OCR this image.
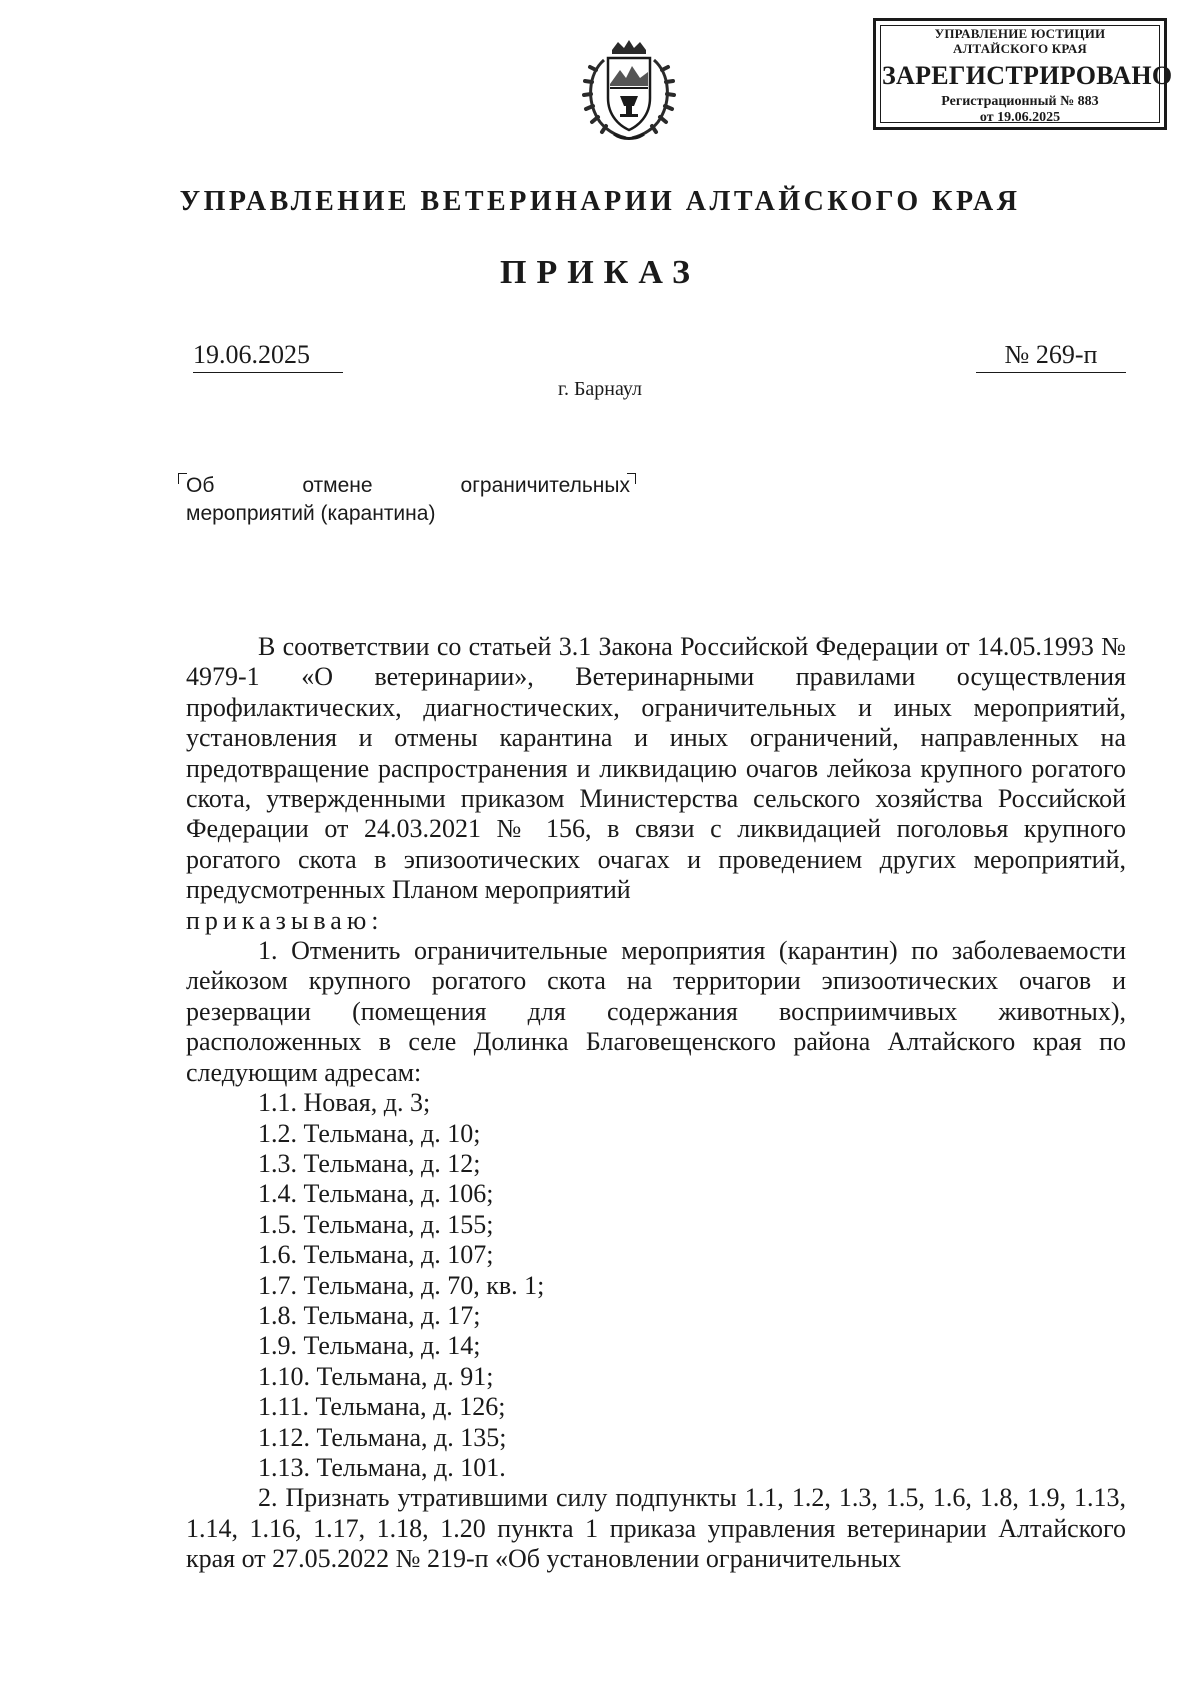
УПРАВЛЕНИЕ ЮСТИЦИИ
АЛТАЙСКОГО КРАЯ
ЗАРЕГИСТРИРОВАНО
Регистрационный № 883
от 19.06.2025
УПРАВЛЕНИЕ ВЕТЕРИНАРИИ АЛТАЙСКОГО КРАЯ
ПРИКАЗ
19.06.2025	№ 269-п
г. Барнаул
Об	отмене	ограничительных
мероприятий (карантина)

В соответствии со статьей 3.1 Закона Российской Федерации от 14.05.1993 № 4979-1 «О ветеринарии», Ветеринарными правилами осуществления профилактических, диагностических, ограничительных и иных мероприятий, установления и отмены карантина и иных ограничений, направленных на предотвращение распространения и ликвидацию очагов лейкоза крупного рогатого скота, утвержденными приказом Министерства сельского хозяйства Российской Федерации от 24.03.2021 № 156, в связи с ликвидацией поголовья крупного рогатого скота в эпизоотических очагах и проведением других мероприятий, предусмотренных Планом мероприятий

приказываю:

1. Отменить ограничительные мероприятия (карантин) по заболеваемости лейкозом крупного рогатого скота на территории эпизоотических очагов и резервации (помещения для содержания восприимчивых животных), расположенных в селе Долинка Благовещенского района Алтайского края по следующим адресам:

1.1. Новая, д. 3;

1.2. Тельмана, д. 10;

1.3. Тельмана, д. 12;

1.4. Тельмана, д. 106;

1.5. Тельмана, д. 155;

1.6. Тельмана, д. 107;

1.7. Тельмана, д. 70, кв. 1;

1.8. Тельмана, д. 17;

1.9. Тельмана, д. 14;

1.10. Тельмана, д. 91;

1.11. Тельмана, д. 126;

1.12. Тельмана, д. 135;

1.13. Тельмана, д. 101.

2. Признать утратившими силу подпункты 1.1, 1.2, 1.3, 1.5, 1.6, 1.8, 1.9, 1.13, 1.14, 1.16, 1.17, 1.18, 1.20 пункта 1 приказа управления ветеринарии Алтайского края от 27.05.2022 № 219-п «Об установлении ограничительных
